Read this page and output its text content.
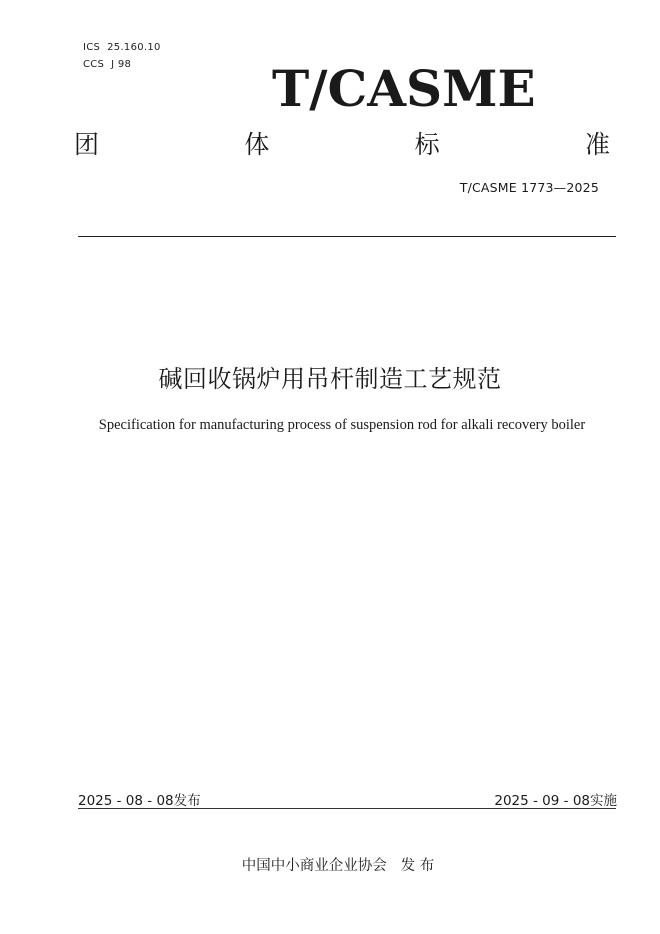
ICS 25.160.10

CCS J 98	T/CASME
团	体	标	准
T/CASME 1773—2025
碱回收锅炉用吊杆制造工艺规范
Specification for manufacturing process of suspension rod for alkali recovery boiler
2025 - 08 - 08发布	2025 - 09 - 08实施
中国中小商业企业协会 发 布
